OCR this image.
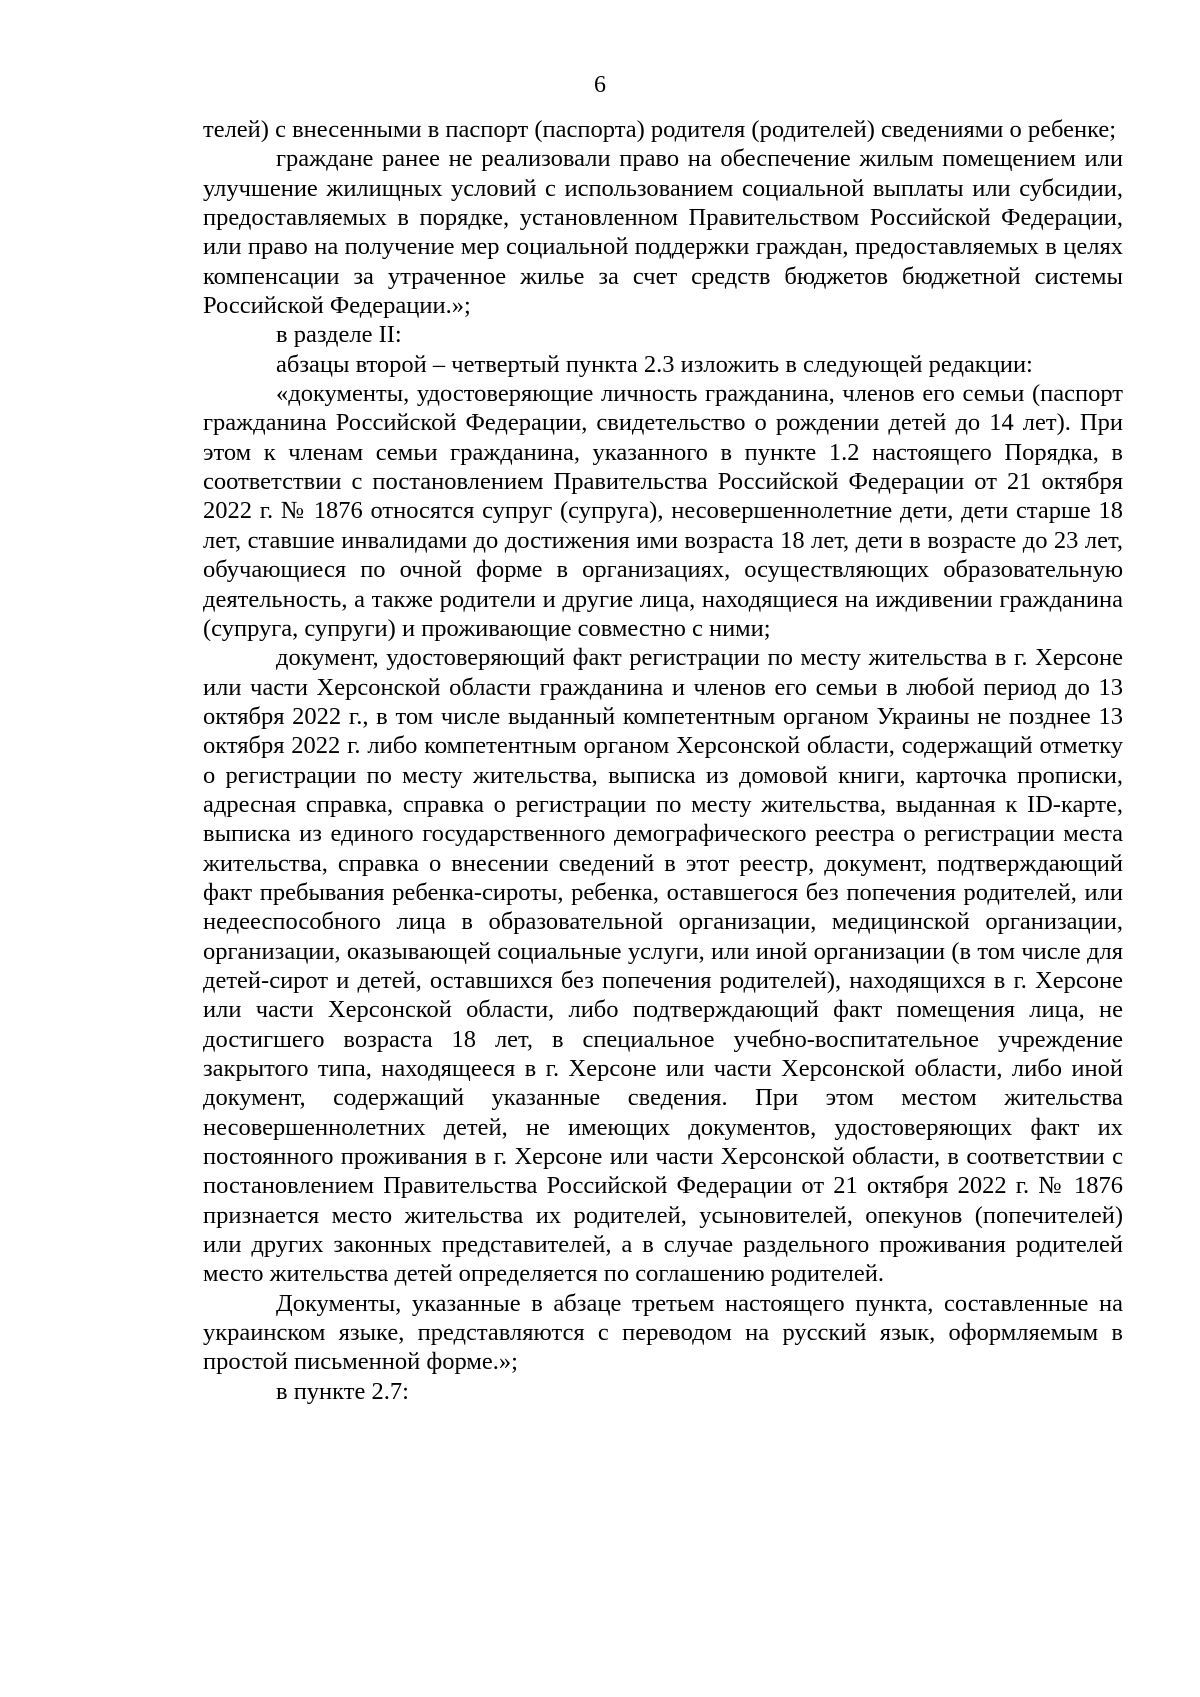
6

телей) с внесенными в паспорт (паспорта) родителя (родителей) сведениями о ребенке;

граждане ранее не реализовали право на обеспечение жилым помещением или улучшение жилищных условий с использованием социальной выплаты или субсидии, предоставляемых в порядке, установленном Правительством Российской Федерации, или право на получение мер социальной поддержки граждан, предоставляемых в целях компенсации за утраченное жилье за счет средств бюджетов бюджетной системы Российской Федерации.»;

в разделе II:

абзацы второй – четвертый пункта 2.3 изложить в следующей редакции:

«документы, удостоверяющие личность гражданина, членов его семьи (паспорт гражданина Российской Федерации, свидетельство о рождении детей до 14 лет). При этом к членам семьи гражданина, указанного в пункте 1.2 настоящего Порядка, в соответствии с постановлением Правительства Российской Федерации от 21 октября 2022 г. № 1876 относятся супруг (супруга), несовершеннолетние дети, дети старше 18 лет, ставшие инвалидами до достижения ими возраста 18 лет, дети в возрасте до 23 лет, обучающиеся по очной форме в организациях, осуществляющих образовательную деятельность, а также родители и другие лица, находящиеся на иждивении гражданина (супруга, супруги) и проживающие совместно с ними;

документ, удостоверяющий факт регистрации по месту жительства в г. Херсоне или части Херсонской области гражданина и членов его семьи в любой период до 13 октября 2022 г., в том числе выданный компетентным органом Украины не позднее 13 октября 2022 г. либо компетентным органом Херсонской области, содержащий отметку о регистрации по месту жительства, выписка из домовой книги, карточка прописки, адресная справка, справка о регистрации по месту жительства, выданная к ID-карте, выписка из единого государственного демографического реестра о регистрации места жительства, справка о внесении сведений в этот реестр, документ, подтверждающий факт пребывания ребенка-сироты, ребенка, оставшегося без попечения родителей, или недееспособного лица в образовательной организации, медицинской организации, организации, оказывающей социальные услуги, или иной организации (в том числе для детей-сирот и детей, оставшихся без попечения родителей), находящихся в г. Херсоне или части Херсонской области, либо подтверждающий факт помещения лица, не достигшего возраста 18 лет, в специальное учебно-воспитательное учреждение закрытого типа, находящееся в г. Херсоне или части Херсонской области, либо иной документ, содержащий указанные сведения. При этом местом жительства несовершеннолетних детей, не имеющих документов, удостоверяющих факт их постоянного проживания в г. Херсоне или части Херсонской области, в соответствии с постановлением Правительства Российской Федерации от 21 октября 2022 г. № 1876 признается место жительства их родителей, усыновителей, опекунов (попечителей) или других законных представителей, а в случае раздельного проживания родителей место жительства детей определяется по соглашению родителей.

Документы, указанные в абзаце третьем настоящего пункта, составленные на украинском языке, представляются с переводом на русский язык, оформляемым в простой письменной форме.»;

в пункте 2.7:
